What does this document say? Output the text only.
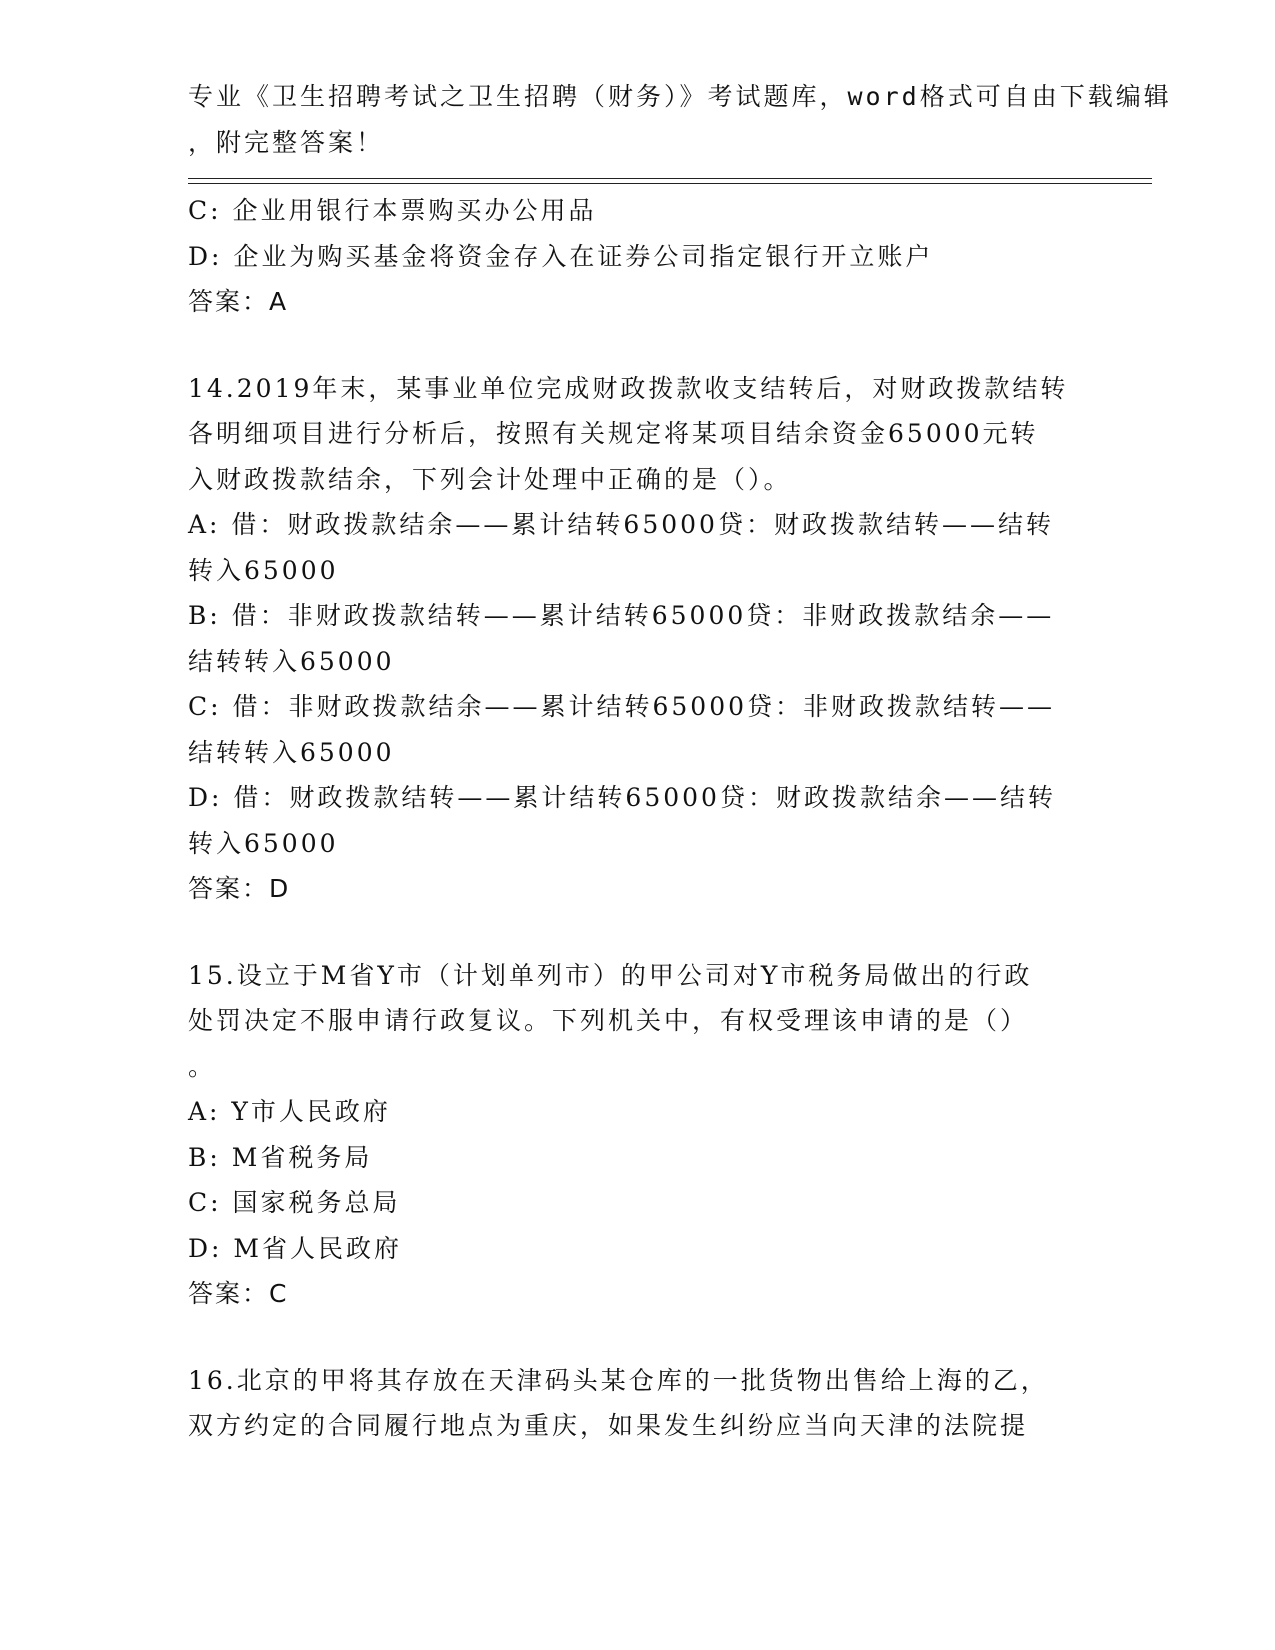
专业《卫生招聘考试之卫生招聘（财务）》考试题库，word格式可自由下载编辑
，附完整答案！
C: 企业用银行本票购买办公用品
D: 企业为购买基金将资金存入在证券公司指定银行开立账户
答案：A
14.2019年末，某事业单位完成财政拨款收支结转后，对财政拨款结转
各明细项目进行分析后，按照有关规定将某项目结余资金65000元转
入财政拨款结余，下列会计处理中正确的是（）。
A: 借：财政拨款结余——累计结转65000贷：财政拨款结转——结转
转入65000
B: 借：非财政拨款结转——累计结转65000贷：非财政拨款结余——
结转转入65000
C: 借：非财政拨款结余——累计结转65000贷：非财政拨款结转——
结转转入65000
D: 借：财政拨款结转——累计结转65000贷：财政拨款结余——结转
转入65000
答案：D
15.设立于M省Y市（计划单列市）的甲公司对Y市税务局做出的行政
处罚决定不服申请行政复议。下列机关中，有权受理该申请的是（）
。
A: Y市人民政府
B: M省税务局
C: 国家税务总局
D: M省人民政府
答案：C
16.北京的甲将其存放在天津码头某仓库的一批货物出售给上海的乙，
双方约定的合同履行地点为重庆，如果发生纠纷应当向天津的法院提
